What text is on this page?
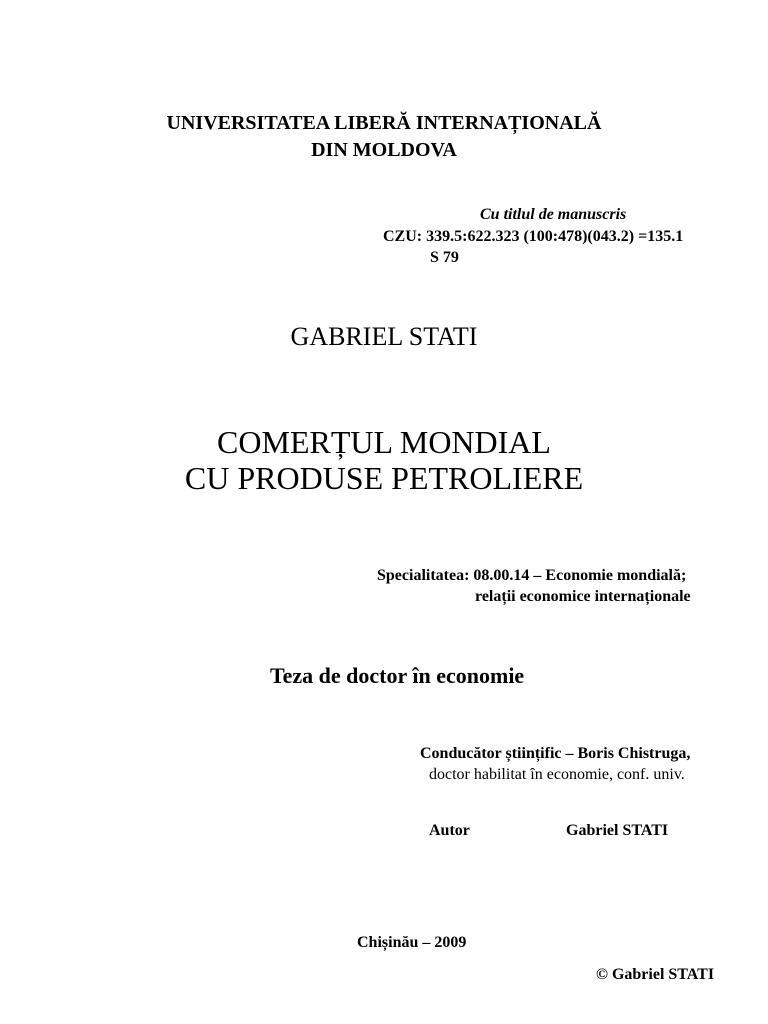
UNIVERSITATEA LIBERĂ INTERNAȚIONALĂ
DIN MOLDOVA
Cu titlul de manuscris
CZU: 339.5:622.323 (100:478)(043.2) =135.1
S 79
GABRIEL STATI
COMERȚUL MONDIAL
CU PRODUSE PETROLIERE
Specialitatea: 08.00.14 – Economie mondială;
relații economice internaționale
Teza de doctor în economie
Conducător științific – Boris Chistruga,
doctor habilitat în economie, conf. univ.
Autor	Gabriel STATI
Chișinău – 2009
© Gabriel STATI
